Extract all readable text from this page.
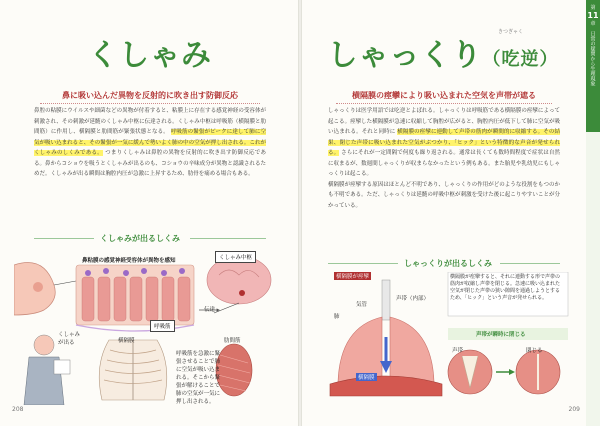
くしゃみ
鼻に吸い込んだ異物を反射的に吹き出す防御反応
鼻腔の粘膜にウイルスや細菌などの異物が付着すると、粘膜上に存在する感覚神経の受容体が刺激され、その刺激が延髄のくしゃみ中枢に伝達される。くしゃみ中枢は呼吸筋（横隔膜と肋間筋）に作用し、横隔膜と肋間筋が緊張状態となる。 呼吸筋の緊張がピークに達して肺に空気が吸い込まれると、その緊張が一気に緩んで勢いよく肺の中の空気が押し出される。これがくしゃみのしくみである。 つまりくしゃみは鼻腔の異物を反射的に吹き出す防御反応である。鼻からコショウを吸うとくしゃみが出るのも、コショウの辛味成分が異物と認識されるためだ。くしゃみが出る瞬間は胸腔内圧が急激に上昇するため、肋骨を痛める場合もある。
くしゃみが出るしくみ
くしゃみ中枢
鼻粘膜の感覚神経受容体が異物を感知
伝達
呼吸筋
横隔膜	肋間筋
くしゃみが出る
呼吸筋を急激に緊張させることで肺に空気が吸い込まれる。そこから緊張が解けることで肺の空気が一気に押し出される。
208
しゃっくり（吃逆）
きつぎゃく
横隔膜の痙攣により吸い込まれた空気を声帯が遮る
しゃっくりは医学用語では吃逆とよばれる。しゃっくりは呼吸筋である横隔膜の痙攣によって起こる。痙攣した横隔膜が急速に収縮して胸腔が広がると、胸腔内圧が低下して肺に空気が吸い込まれる。それと同時に 横隔膜の痙攣に連動して声帯の筋肉が瞬間的に収縮する。その結果、閉じた声帯に吸い込まれた空気がぶつかり、「ヒック」という特徴的な声音が発せられる。 さらにそれが一定間隔で何度も繰り返される。通常は長くても数時間程度で症状は自然に収まるが、数週間しゃっくりが収まらなかったという例もある。また胎児や乳幼児にもしゃっくりは起こる。
横隔膜が痙攣する原因はほとんど不明であり、しゃっくりの作用がどのような役割をもつのかも不明である。ただ、しゃっくりは延髄の呼吸中枢が刺激を受けた後に起こりやすいことが分かっている。
しゃっくりが出るしくみ
横隔膜が痙攣
気管
声帯（内部）
肺
横隔膜
横隔膜が痙攣すると、それに連動する形で声帯の筋肉が収縮し声帯を閉じる。急速に吸い込まれた空気が閉じた声帯の狭い隙間を通過しようとするため、「ヒック」という声音が発せられる。
声帯が瞬時に閉じる
声帯	閉じる
209
第
11
章
日常の疑問から生理現象
